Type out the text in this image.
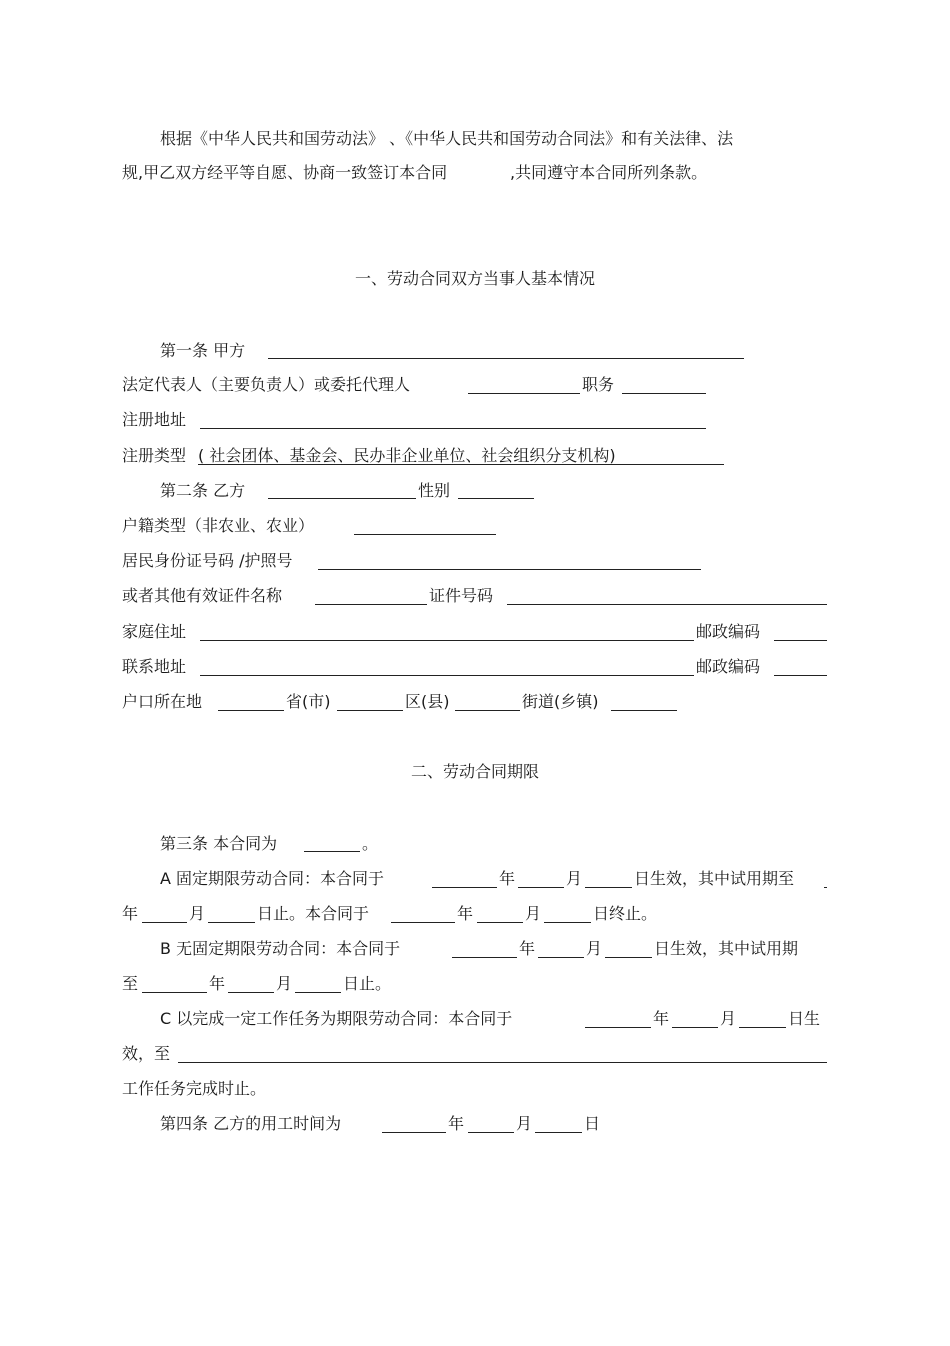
根据《中华人民共和国劳动法》 、《中华人民共和国劳动合同法》和有关法律、法
规,甲乙双方经平等自愿、协商一致签订本合同	,共同遵守本合同所列条款。
一、劳动合同双方当事人基本情况
第一条 甲方
法定代表人（主要负责人）或委托代理人	职务
注册地址
注册类型 ( 社会团体、基金会、民办非企业单位、社会组织分支机构)
第二条 乙方	性别
户籍类型（非农业、农业）
居民身份证号码 /护照号
或者其他有效证件名称	证件号码
家庭住址	邮政编码
联系地址	邮政编码
户口所在地	省(市)	区(县)	街道(乡镇)
二、劳动合同期限
第三条 本合同为	。
A 固定期限劳动合同：本合同于	年	月	日生效，其中试用期至
年	月	日止。本合同于	年	月	日终止。
B 无固定期限劳动合同：本合同于	年	月	日生效，其中试用期
至	年	月	日止。
C 以完成一定工作任务为期限劳动合同：本合同于	年	月	日生
效，至
工作任务完成时止。
第四条 乙方的用工时间为	年	月	日
